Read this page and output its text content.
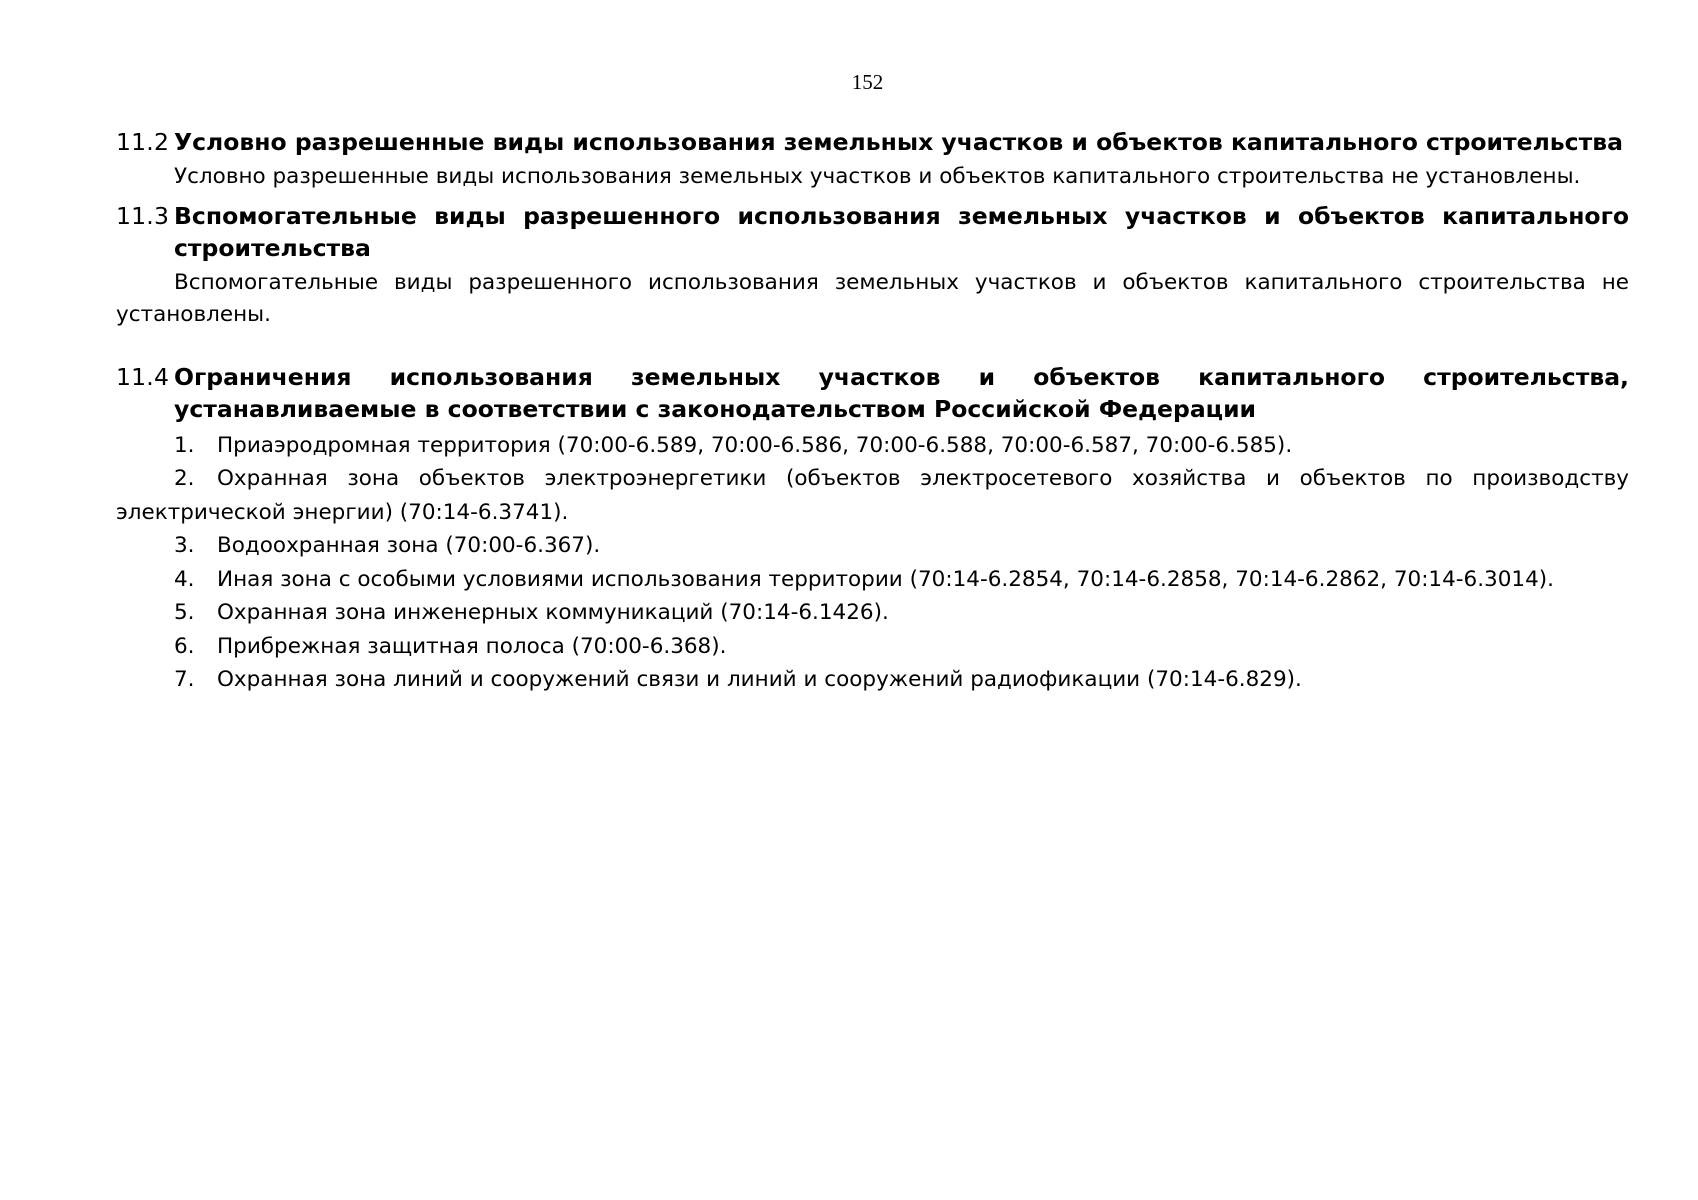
152
11.2 Условно разрешенные виды использования земельных участков и объектов капитального строительства

Условно разрешенные виды использования земельных участков и объектов капитального строительства не установлены.

11.3 Вспомогательные виды разрешенного использования земельных участков и объектов капитального строительства

Вспомогательные виды разрешенного использования земельных участков и объектов капитального строительства не установлены.

11.4 Ограничения использования земельных участков и объектов капитального строительства, устанавливаемые в соответствии с законодательством Российской Федерации
1. Приаэродромная территория (70:00-6.589, 70:00-6.586, 70:00-6.588, 70:00-6.587, 70:00-6.585).
2. Охранная зона объектов электроэнергетики (объектов электросетевого хозяйства и объектов по производству электрической энергии) (70:14-6.3741).
3. Водоохранная зона (70:00-6.367).
4. Иная зона с особыми условиями использования территории (70:14-6.2854, 70:14-6.2858, 70:14-6.2862, 70:14-6.3014).
5. Охранная зона инженерных коммуникаций (70:14-6.1426).
6. Прибрежная защитная полоса (70:00-6.368).
7. Охранная зона линий и сооружений связи и линий и сооружений радиофикации (70:14-6.829).
